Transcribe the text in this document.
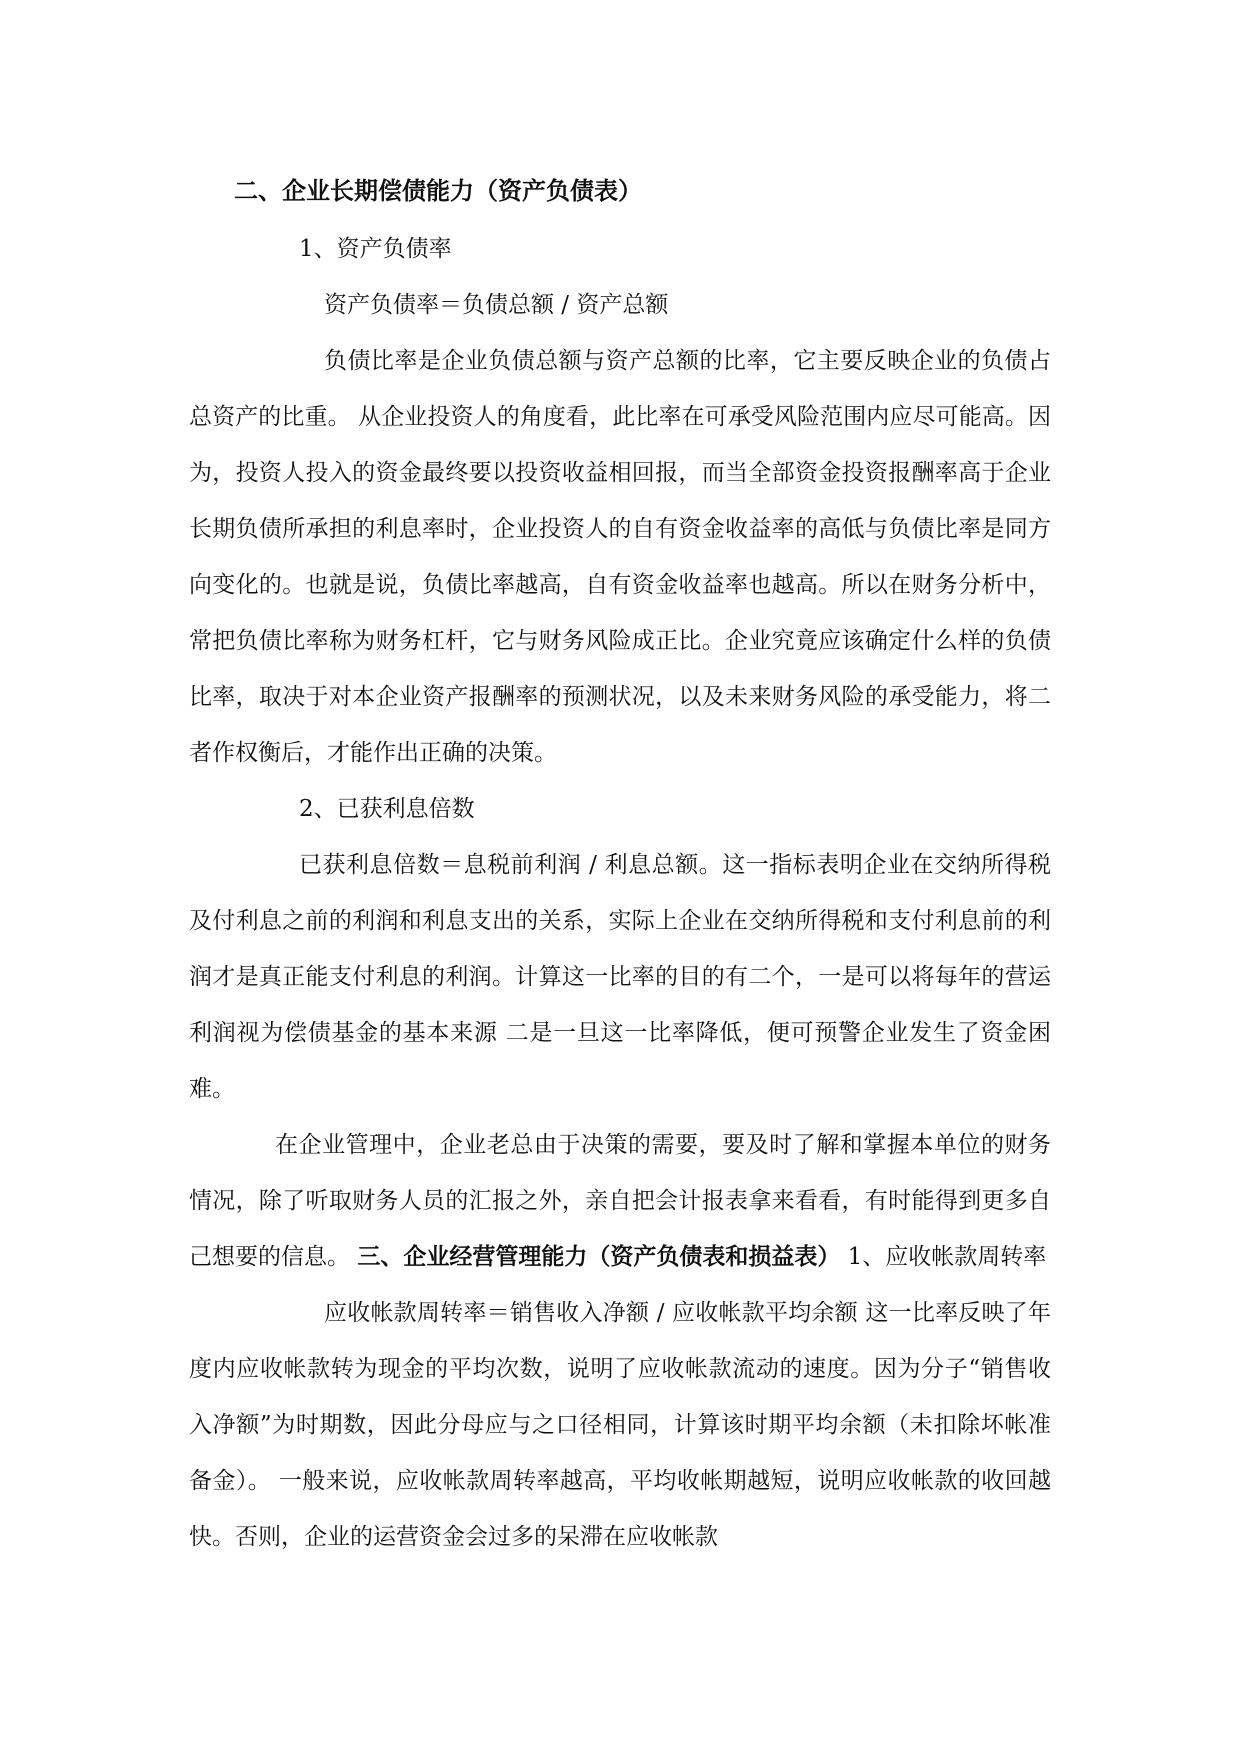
二、企业长期偿债能力（资产负债表）

1、资产负债率

资产负债率＝负债总额 / 资产总额

负债比率是企业负债总额与资产总额的比率，它主要反映企业的负债占总资产的比重。 从企业投资人的角度看，此比率在可承受风险范围内应尽可能高。因为，投资人投入的资金最终要以投资收益相回报，而当全部资金投资报酬率高于企业长期负债所承担的利息率时，企业投资人的自有资金收益率的高低与负债比率是同方向变化的。也就是说，负债比率越高，自有资金收益率也越高。所以在财务分析中，常把负债比率称为财务杠杆，它与财务风险成正比。企业究竟应该确定什么样的负债比率，取决于对本企业资产报酬率的预测状况，以及未来财务风险的承受能力，将二者作权衡后，才能作出正确的决策。

2、已获利息倍数

已获利息倍数＝息税前利润 / 利息总额。这一指标表明企业在交纳所得税及付利息之前的利润和利息支出的关系，实际上企业在交纳所得税和支付利息前的利润才是真正能支付利息的利润。计算这一比率的目的有二个，一是可以将每年的营运利润视为偿债基金的基本来源 二是一旦这一比率降低，便可预警企业发生了资金困难。

在企业管理中，企业老总由于决策的需要，要及时了解和掌握本单位的财务情况，除了听取财务人员的汇报之外，亲自把会计报表拿来看看，有时能得到更多自己想要的信息。 三、企业经营管理能力（资产负债表和损益表） 1、应收帐款周转率

应收帐款周转率＝销售收入净额 / 应收帐款平均余额 这一比率反映了年度内应收帐款转为现金的平均次数，说明了应收帐款流动的速度。因为分子“销售收入净额”为时期数，因此分母应与之口径相同，计算该时期平均余额（未扣除坏帐准备金）。 一般来说，应收帐款周转率越高，平均收帐期越短，说明应收帐款的收回越快。否则，企业的运营资金会过多的呆滞在应收帐款
